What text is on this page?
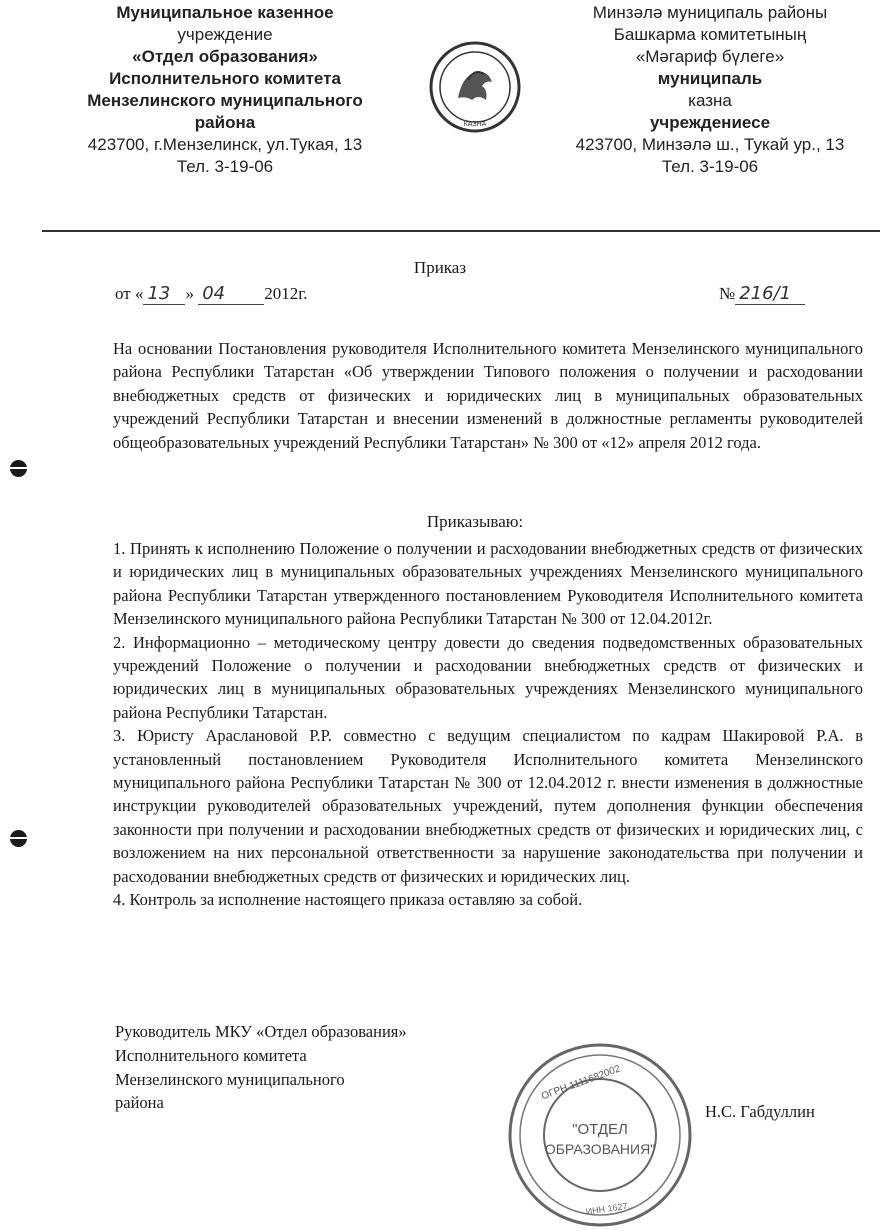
Муниципальное казенное
учреждение
«Отдел образования»
Исполнительного комитета
Мензелинского муниципального
района
423700, г.Мензелинск, ул.Тукая, 13
Тел. 3-19-06
КАЗНА
Минзәлә муниципаль районы
Башкарма комитетының
«Мәгариф бүлеге»
муниципаль
казна
учреждениесе
423700, Минзәлә ш., Тукай ур., 13
Тел. 3-19-06
Приказ
от « 13 » 04 2012г.	№ 216/1

На основании Постановления руководителя Исполнительного комитета Мензелинского муниципального района Республики Татарстан «Об утверждении Типового положения о получении и расходовании внебюджетных средств от физических и юридических лиц в муниципальных образовательных учреждений Республики Татарстан и внесении изменений в должностные регламенты руководителей общеобразовательных учреждений Республики Татарстан» № 300 от «12» апреля 2012 года.

Приказываю:

1. Принять к исполнению Положение о получении и расходовании внебюджетных средств от физических и юридических лиц в муниципальных образовательных учреждениях Мензелинского муниципального района Республики Татарстан утвержденного постановлением Руководителя Исполнительного комитета Мензелинского муниципального района Республики Татарстан № 300 от 12.04.2012г.

2. Информационно – методическому центру довести до сведения подведомственных образовательных учреждений Положение о получении и расходовании внебюджетных средств от физических и юридических лиц в муниципальных образовательных учреждениях Мензелинского муниципального района Республики Татарстан.

3. Юристу Араслановой Р.Р. совместно с ведущим специалистом по кадрам Шакировой Р.А. в установленный постановлением Руководителя Исполнительного комитета Мензелинского муниципального района Республики Татарстан № 300 от 12.04.2012 г. внести изменения в должностные инструкции руководителей образовательных учреждений, путем дополнения функции обеспечения законности при получении и расходовании внебюджетных средств от физических и юридических лиц, с возложением на них персональной ответственности за нарушение законодательства при получении и расходовании внебюджетных средств от физических и юридических лиц.

4. Контроль за исполнение настоящего приказа оставляю за собой.

Руководитель МКУ «Отдел образования»
Исполнительного комитета
Мензелинского муниципального
района
ОГРН 1111682002
"ОТДЕЛ
ОБРАЗОВАНИЯ"
ИНН 1627...
Н.С. Габдуллин
